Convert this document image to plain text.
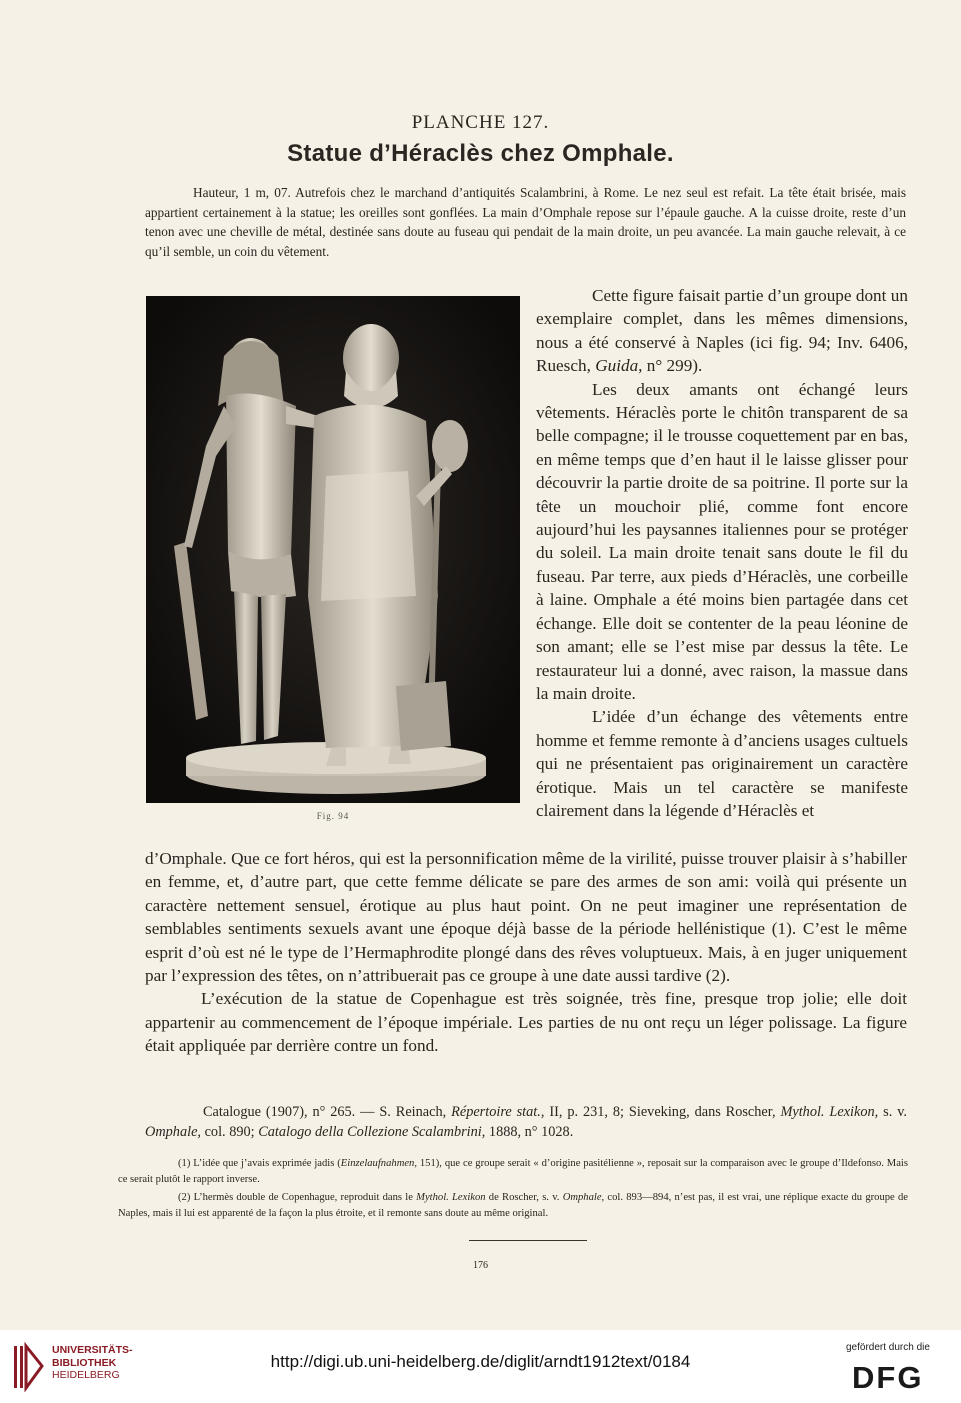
PLANCHE 127.
Statue d’Héraclès chez Omphale.
Hauteur, 1 m, 07. Autrefois chez le marchand d’antiquités Scalambrini, à Rome. Le nez seul est refait. La tête était brisée, mais appartient certainement à la statue; les oreilles sont gonflées. La main d’Omphale repose sur l’épaule gauche. A la cuisse droite, reste d’un tenon avec une cheville de métal, destinée sans doute au fuseau qui pendait de la main droite, un peu avancée. La main gauche relevait, à ce qu’il semble, un coin du vêtement.
Fig. 94

Cette figure faisait partie d’un groupe dont un exemplaire complet, dans les mêmes dimensions, nous a été conservé à Naples (ici fig. 94; Inv. 6406, Ruesch, Guida, n° 299).

Les deux amants ont échangé leurs vêtements. Héraclès porte le chitôn transparent de sa belle compagne; il le trousse coquettement par en bas, en même temps que d’en haut il le laisse glisser pour découvrir la partie droite de sa poitrine. Il porte sur la tête un mouchoir plié, comme font encore aujourd’hui les paysannes italiennes pour se protéger du soleil. La main droite tenait sans doute le fil du fuseau. Par terre, aux pieds d’Héraclès, une corbeille à laine. Omphale a été moins bien partagée dans cet échange. Elle doit se contenter de la peau léonine de son amant; elle se l’est mise par dessus la tête. Le restaurateur lui a donné, avec raison, la massue dans la main droite.

L’idée d’un échange des vêtements entre homme et femme remonte à d’anciens usages cultuels qui ne présentaient pas originairement un caractère érotique. Mais un tel caractère se manifeste clairement dans la légende d’Héraclès et

d’Omphale. Que ce fort héros, qui est la personnification même de la virilité, puisse trouver plaisir à s’habiller en femme, et, d’autre part, que cette femme délicate se pare des armes de son ami: voilà qui présente un caractère nettement sensuel, érotique au plus haut point. On ne peut imaginer une représentation de semblables sentiments sexuels avant une époque déjà basse de la période hellénistique (1). C’est le même esprit d’où est né le type de l’Hermaphrodite plongé dans des rêves voluptueux. Mais, à en juger uniquement par l’expression des têtes, on n’attribuerait pas ce groupe à une date aussi tardive (2).

L’exécution de la statue de Copenhague est très soignée, très fine, presque trop jolie; elle doit appartenir au commencement de l’époque impériale. Les parties de nu ont reçu un léger polissage. La figure était appliquée par derrière contre un fond.

Catalogue (1907), n° 265. — S. Reinach, Répertoire stat., II, p. 231, 8; Sieveking, dans Roscher, Mythol. Lexikon, s. v. Omphale, col. 890; Catalogo della Collezione Scalambrini, 1888, n° 1028.

(1) L’idée que j’avais exprimée jadis (Einzelaufnahmen, 151), que ce groupe serait « d’origine pasitélienne », reposait sur la comparaison avec le groupe d’Ildefonso. Mais ce serait plutôt le rapport inverse.

(2) L’hermès double de Copenhague, reproduit dans le Mythol. Lexikon de Roscher, s. v. Omphale, col. 893—894, n’est pas, il est vrai, une réplique exacte du groupe de Naples, mais il lui est apparenté de la façon la plus étroite, et il remonte sans doute au même original.

176
UNIVERSITÄTS-
BIBLIOTHEK
HEIDELBERG
http://digi.ub.uni-heidelberg.de/diglit/arndt1912text/0184
gefördert durch die
DFG
